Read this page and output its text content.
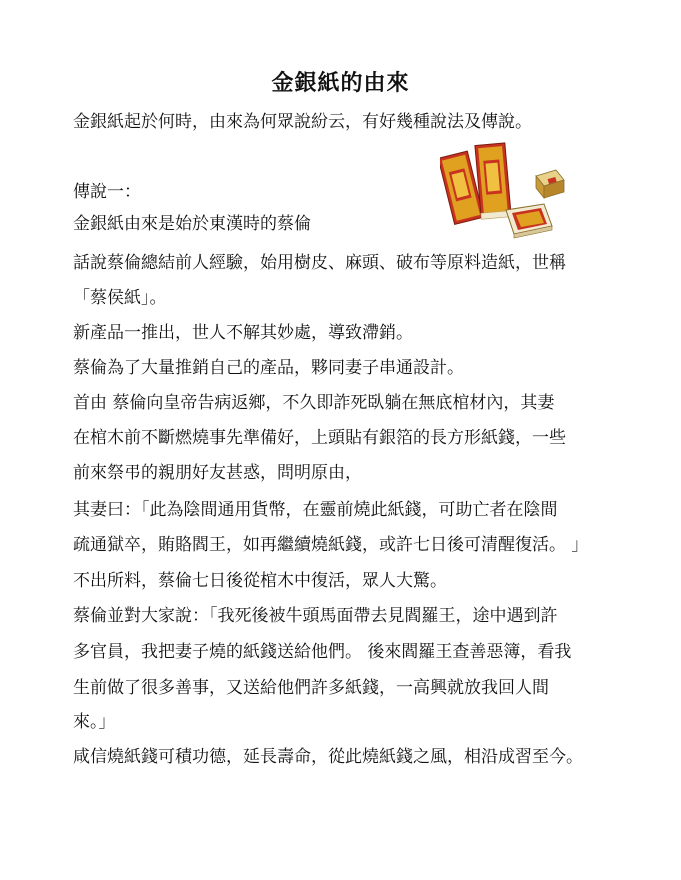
金銀紙的由來
金銀紙起於何時，由來為何眾說紛云，有好幾種說法及傳說。
傳說一：
金銀紙由來是始於東漢時的蔡倫
話說蔡倫總結前人經驗，始用樹皮、麻頭、破布等原料造紙，世稱
「蔡侯紙」。
新產品一推出，世人不解其妙處，導致滯銷。
蔡倫為了大量推銷自己的產品，夥同妻子串通設計。
首由 蔡倫向皇帝告病返鄉，不久即詐死臥躺在無底棺材內，其妻
在棺木前不斷燃燒事先準備好，上頭貼有銀箔的長方形紙錢，一些
前來祭弔的親朋好友甚惑，問明原由，
其妻曰：「此為陰間通用貨幣，在靈前燒此紙錢，可助亡者在陰間
疏通獄卒，賄賂閻王，如再繼續燒紙錢，或許七日後可清醒復活。 」
不出所料，蔡倫七日後從棺木中復活，眾人大驚。
蔡倫並對大家說：「我死後被牛頭馬面帶去見閻羅王，途中遇到許
多官員，我把妻子燒的紙錢送給他們。 後來閻羅王查善惡簿，看我
生前做了很多善事，又送給他們許多紙錢，一高興就放我回人間
來。」
咸信燒紙錢可積功德，延長壽命，從此燒紙錢之風，相沿成習至今。
